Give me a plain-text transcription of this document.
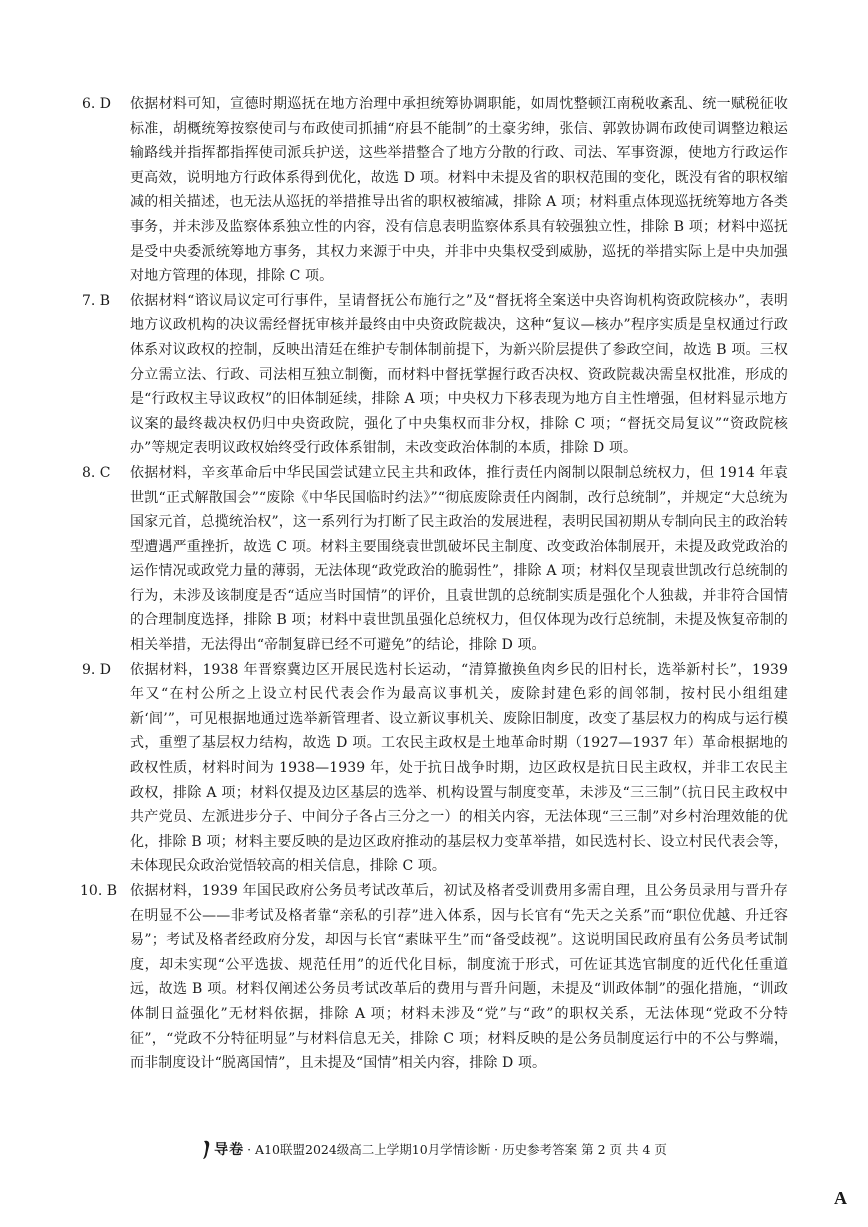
6. D	依据材料可知，宣德时期巡抚在地方治理中承担统筹协调职能，如周忱整顿江南税收紊乱、统一赋税征收标准，胡概统筹按察使司与布政使司抓捕“府县不能制”的土豪劣绅，张信、郭敦协调布政使司调整边粮运输路线并指挥都指挥使司派兵护送，这些举措整合了地方分散的行政、司法、军事资源，使地方行政运作更高效，说明地方行政体系得到优化，故选 D 项。材料中未提及省的职权范围的变化，既没有省的职权缩减的相关描述，也无法从巡抚的举措推导出省的职权被缩减，排除 A 项；材料重点体现巡抚统筹地方各类事务，并未涉及监察体系独立性的内容，没有信息表明监察体系具有较强独立性，排除 B 项；材料中巡抚是受中央委派统筹地方事务，其权力来源于中央，并非中央集权受到威胁，巡抚的举措实际上是中央加强对地方管理的体现，排除 C 项。

7. B	依据材料“谘议局议定可行事件，呈请督抚公布施行之”及“督抚将全案送中央咨询机构资政院核办”，表明地方议政机构的决议需经督抚审核并最终由中央资政院裁决，这种“复议—核办”程序实质是皇权通过行政体系对议政权的控制，反映出清廷在维护专制体制前提下，为新兴阶层提供了参政空间，故选 B 项。三权分立需立法、行政、司法相互独立制衡，而材料中督抚掌握行政否决权、资政院裁决需皇权批准，形成的是“行政权主导议政权”的旧体制延续，排除 A 项；中央权力下移表现为地方自主性增强，但材料显示地方议案的最终裁决权仍归中央资政院，强化了中央集权而非分权，排除 C 项；“督抚交局复议”“资政院核办”等规定表明议政权始终受行政体系钳制，未改变政治体制的本质，排除 D 项。

8. C	依据材料，辛亥革命后中华民国尝试建立民主共和政体，推行责任内阁制以限制总统权力，但 1914 年袁世凯“正式解散国会”“废除《中华民国临时约法》”“彻底废除责任内阁制，改行总统制”，并规定“大总统为国家元首，总揽统治权”，这一系列行为打断了民主政治的发展进程，表明民国初期从专制向民主的政治转型遭遇严重挫折，故选 C 项。材料主要围绕袁世凯破坏民主制度、改变政治体制展开，未提及政党政治的运作情况或政党力量的薄弱，无法体现“政党政治的脆弱性”，排除 A 项；材料仅呈现袁世凯改行总统制的行为，未涉及该制度是否“适应当时国情”的评价，且袁世凯的总统制实质是强化个人独裁，并非符合国情的合理制度选择，排除 B 项；材料中袁世凯虽强化总统权力，但仅体现为改行总统制，未提及恢复帝制的相关举措，无法得出“帝制复辟已经不可避免”的结论，排除 D 项。

9. D	依据材料，1938 年晋察冀边区开展民选村长运动，“清算撤换鱼肉乡民的旧村长，选举新村长”，1939 年又“在村公所之上设立村民代表会作为最高议事机关，废除封建色彩的闾邻制，按村民小组组建新‘闾’”，可见根据地通过选举新管理者、设立新议事机关、废除旧制度，改变了基层权力的构成与运行模式，重塑了基层权力结构，故选 D 项。工农民主政权是土地革命时期（1927—1937 年）革命根据地的政权性质，材料时间为 1938—1939 年，处于抗日战争时期，边区政权是抗日民主政权，并非工农民主政权，排除 A 项；材料仅提及边区基层的选举、机构设置与制度变革，未涉及“三三制”（抗日民主政权中共产党员、左派进步分子、中间分子各占三分之一）的相关内容，无法体现“三三制”对乡村治理效能的优化，排除 B 项；材料主要反映的是边区政府推动的基层权力变革举措，如民选村长、设立村民代表会等，未体现民众政治觉悟较高的相关信息，排除 C 项。

10. B 依据材料，1939 年国民政府公务员考试改革后，初试及格者受训费用多需自理，且公务员录用与晋升存在明显不公——非考试及格者靠“亲私的引荐”进入体系，因与长官有“先天之关系”而“职位优越、升迁容易”；考试及格者经政府分发，却因与长官“素昧平生”而“备受歧视”。这说明国民政府虽有公务员考试制度，却未实现“公平选拔、规范任用”的近代化目标，制度流于形式，可佐证其选官制度的近代化任重道远，故选 B 项。材料仅阐述公务员考试改革后的费用与晋升问题，未提及“训政体制”的强化措施，“训政体制日益强化”无材料依据，排除 A 项；材料未涉及“党”与“政”的职权关系，无法体现“党政不分特征”，“党政不分特征明显”与材料信息无关，排除 C 项；材料反映的是公务员制度运行中的不公与弊端，而非制度设计“脱离国情”，且未提及“国情”相关内容，排除 D 项。

导卷 · A10联盟2024级高二上学期10月学情诊断 · 历史参考答案 第 2 页 共 4 页
A
